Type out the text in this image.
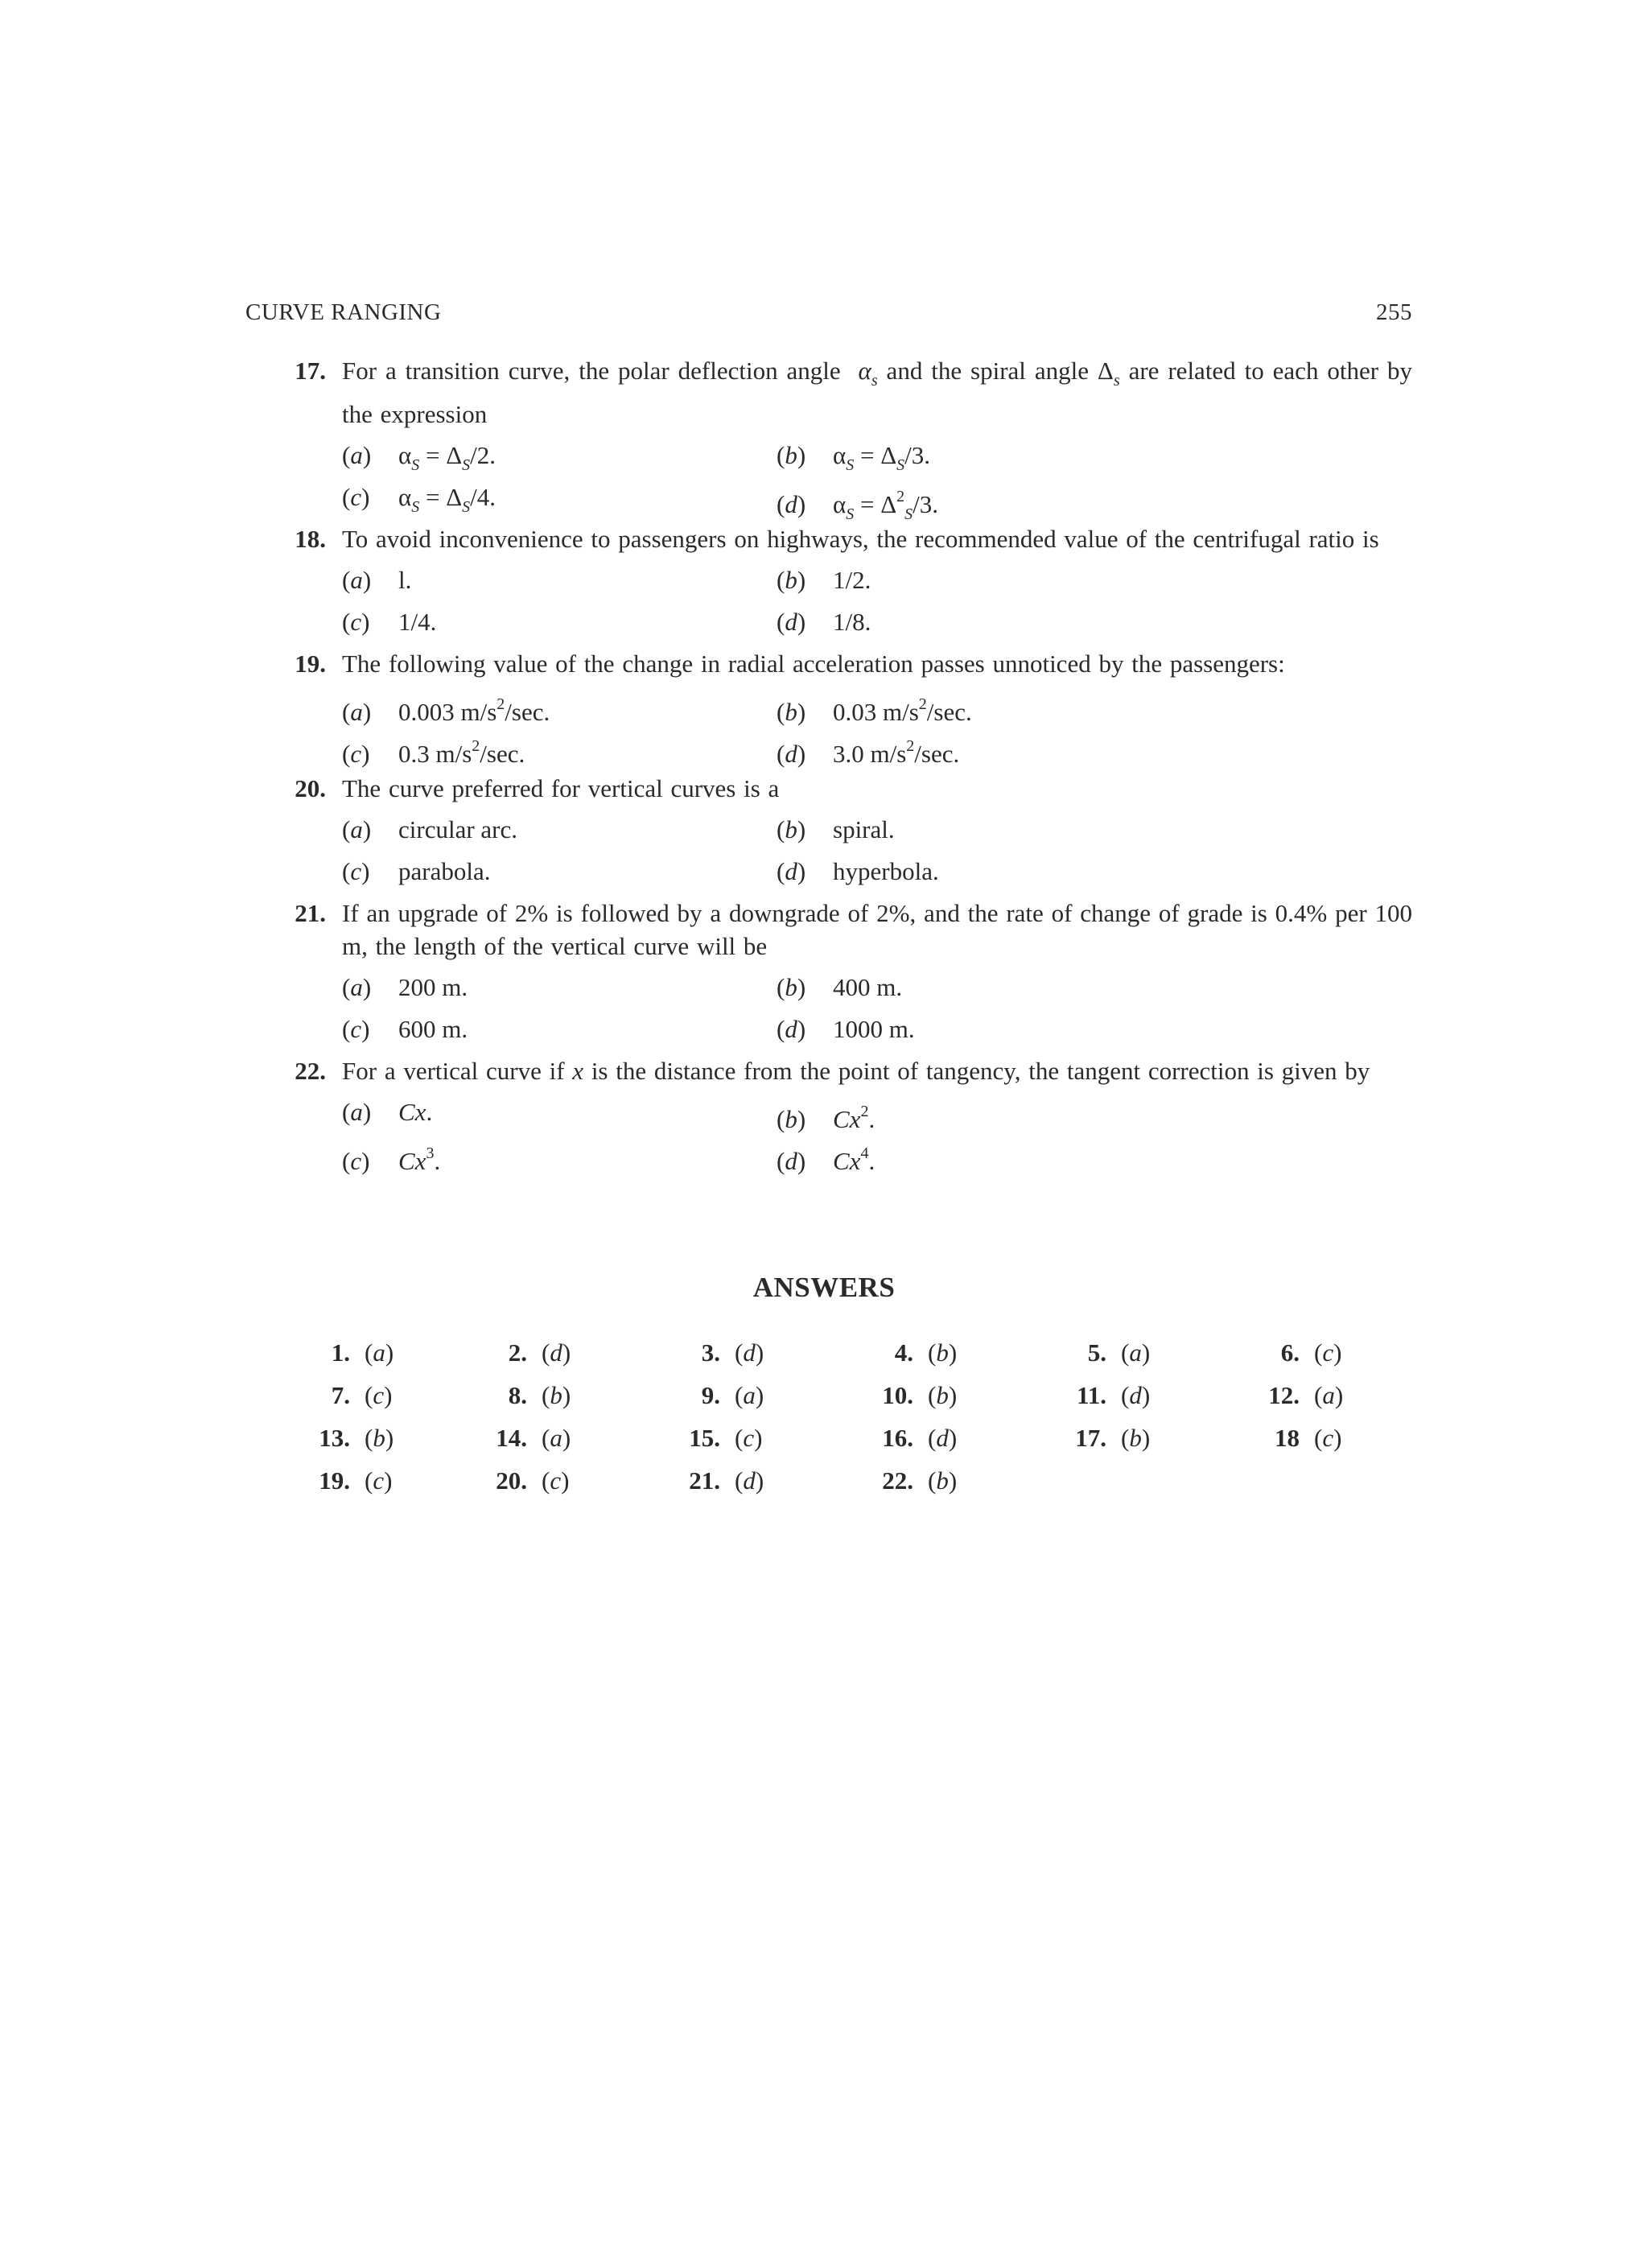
CURVE RANGING	255
17. For a transition curve, the polar deflection angle  $\alpha_s$ and the spiral angle $\Delta_s$ are related to each other by the expression
(a) $\alpha_S = \Delta_S/2$.	(b) $\alpha_S = \Delta_S/3$.
(c) $\alpha_S = \Delta_S/4$.	(d) $\alpha_S = \Delta^2_S/3$.
18. To avoid inconvenience to passengers on highways, the recommended value of the centrifugal ratio is
(a) l.	(b) 1/2.
(c) 1/4.	(d) 1/8.
19. The following value of the change in radial acceleration passes unnoticed by the passengers:
(a) 0.003 $m/s^2/\sec$.	(b) 0.03 $m/s^2/\sec$.
(c) 0.3 $m/s^2/\sec$.	(d) 3.0 $m/s^2/\sec$.
20. The curve preferred for vertical curves is a
(a) circular arc.	(b) spiral.
(c) parabola.	(d) hyperbola.
21. If an upgrade of 2% is followed by a downgrade of 2%, and the rate of change of grade is 0.4% per 100 m, the length of the vertical curve will be
(a) 200 m.	(b) 400 m.
(c) 600 m.	(d) 1000 m.
22. For a vertical curve if x is the distance from the point of tangency, the tangent correction is given by
(a) Cx.	(b) Cx$^2$.
(c) Cx$^3$.	(d) Cx$^4$.
ANSWERS
1. (a)	2. (d)	3. (d)	4. (b)	5. (a)	6. (c)
7. (c)	8. (b)	9. (a)	10. (b)	11. (d)	12. (a)
13. (b)	14. (a)	15. (c)	16. (d)	17. (b)	18 (c)
19. (c)	20. (c)	21. (d)	22. (b)
